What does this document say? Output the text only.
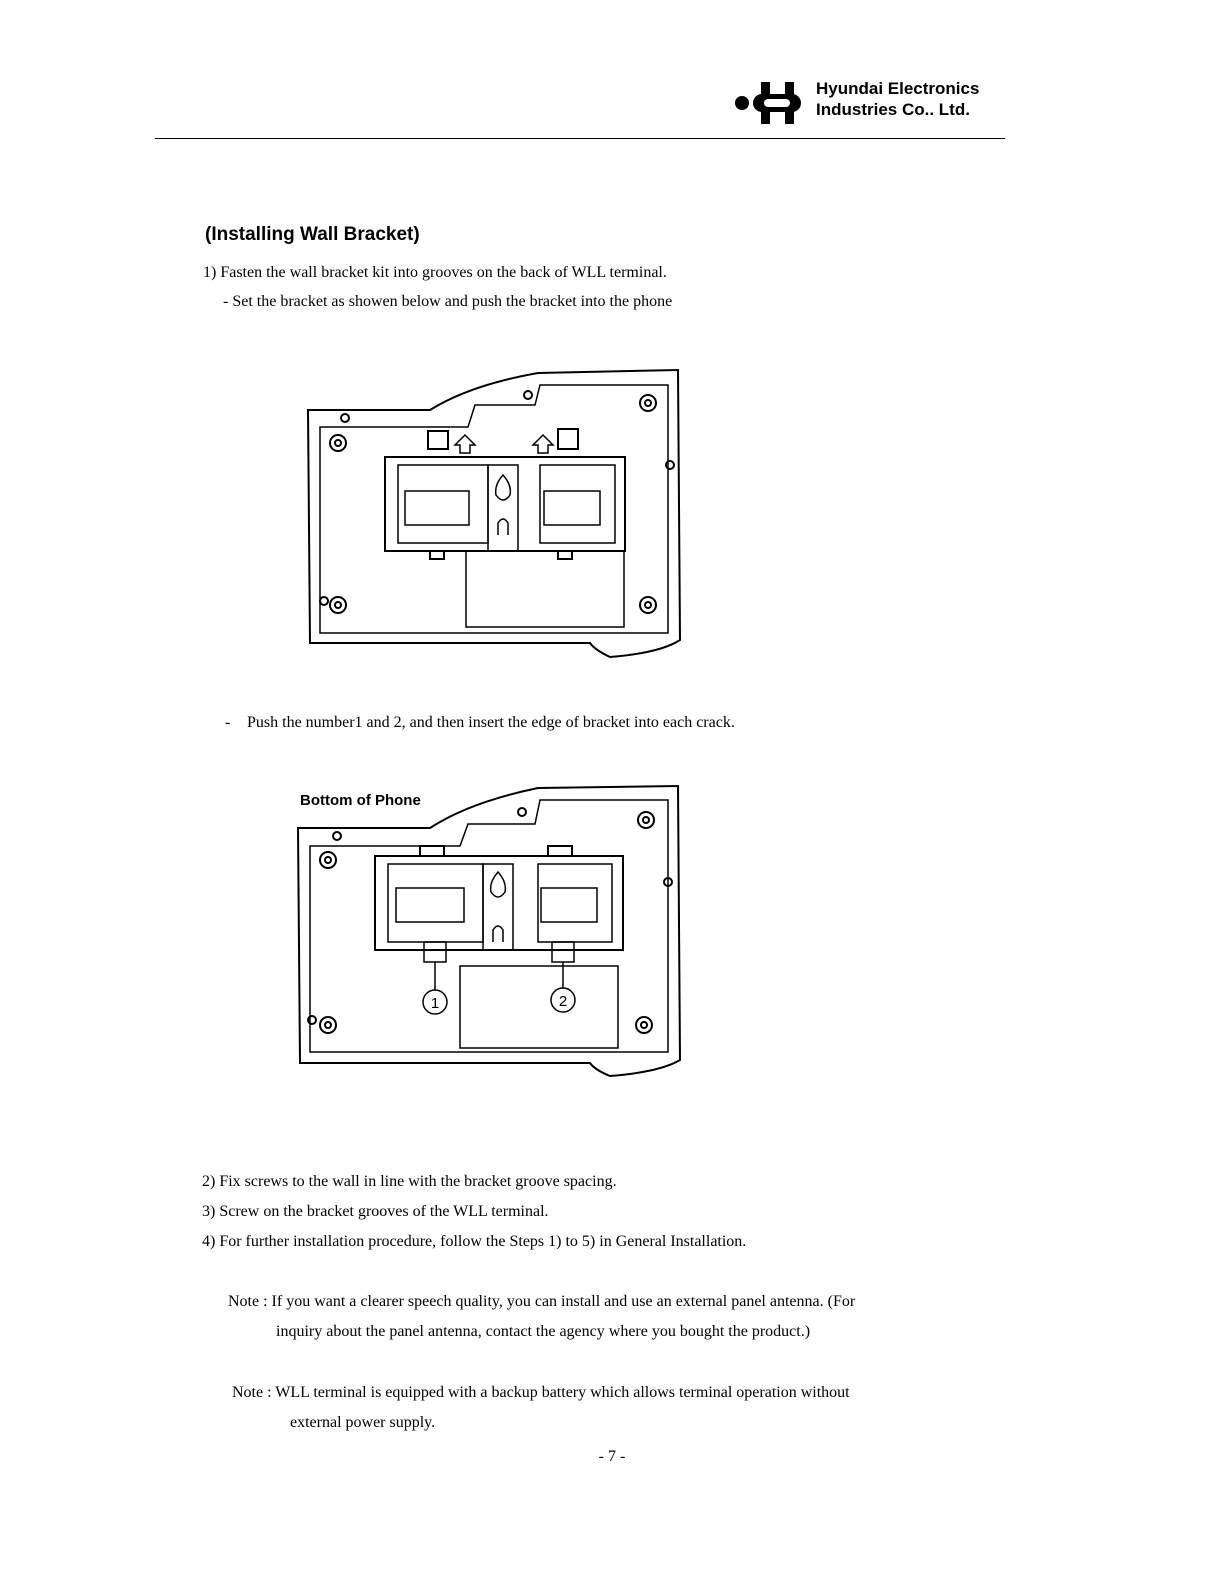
Hyundai Electronics
Industries Co.. Ltd.
(Installing Wall Bracket)
1) Fasten the wall bracket kit into grooves on the back of WLL terminal.
- Set the bracket as showen below and push the bracket into the phone
- Push the number1 and 2, and then insert the edge of bracket into each crack.
1	2
Bottom of Phone
2) Fix screws to the wall in line with the bracket groove spacing.
3) Screw on the bracket grooves of the WLL terminal.
4) For further installation procedure, follow the Steps 1) to 5) in General Installation.
Note : If you want a clearer speech quality, you can install and use an external panel antenna. (For
inquiry about the panel antenna, contact the agency where you bought the product.)
Note : WLL terminal is equipped with a backup battery which allows terminal operation without
external power supply.
- 7 -
